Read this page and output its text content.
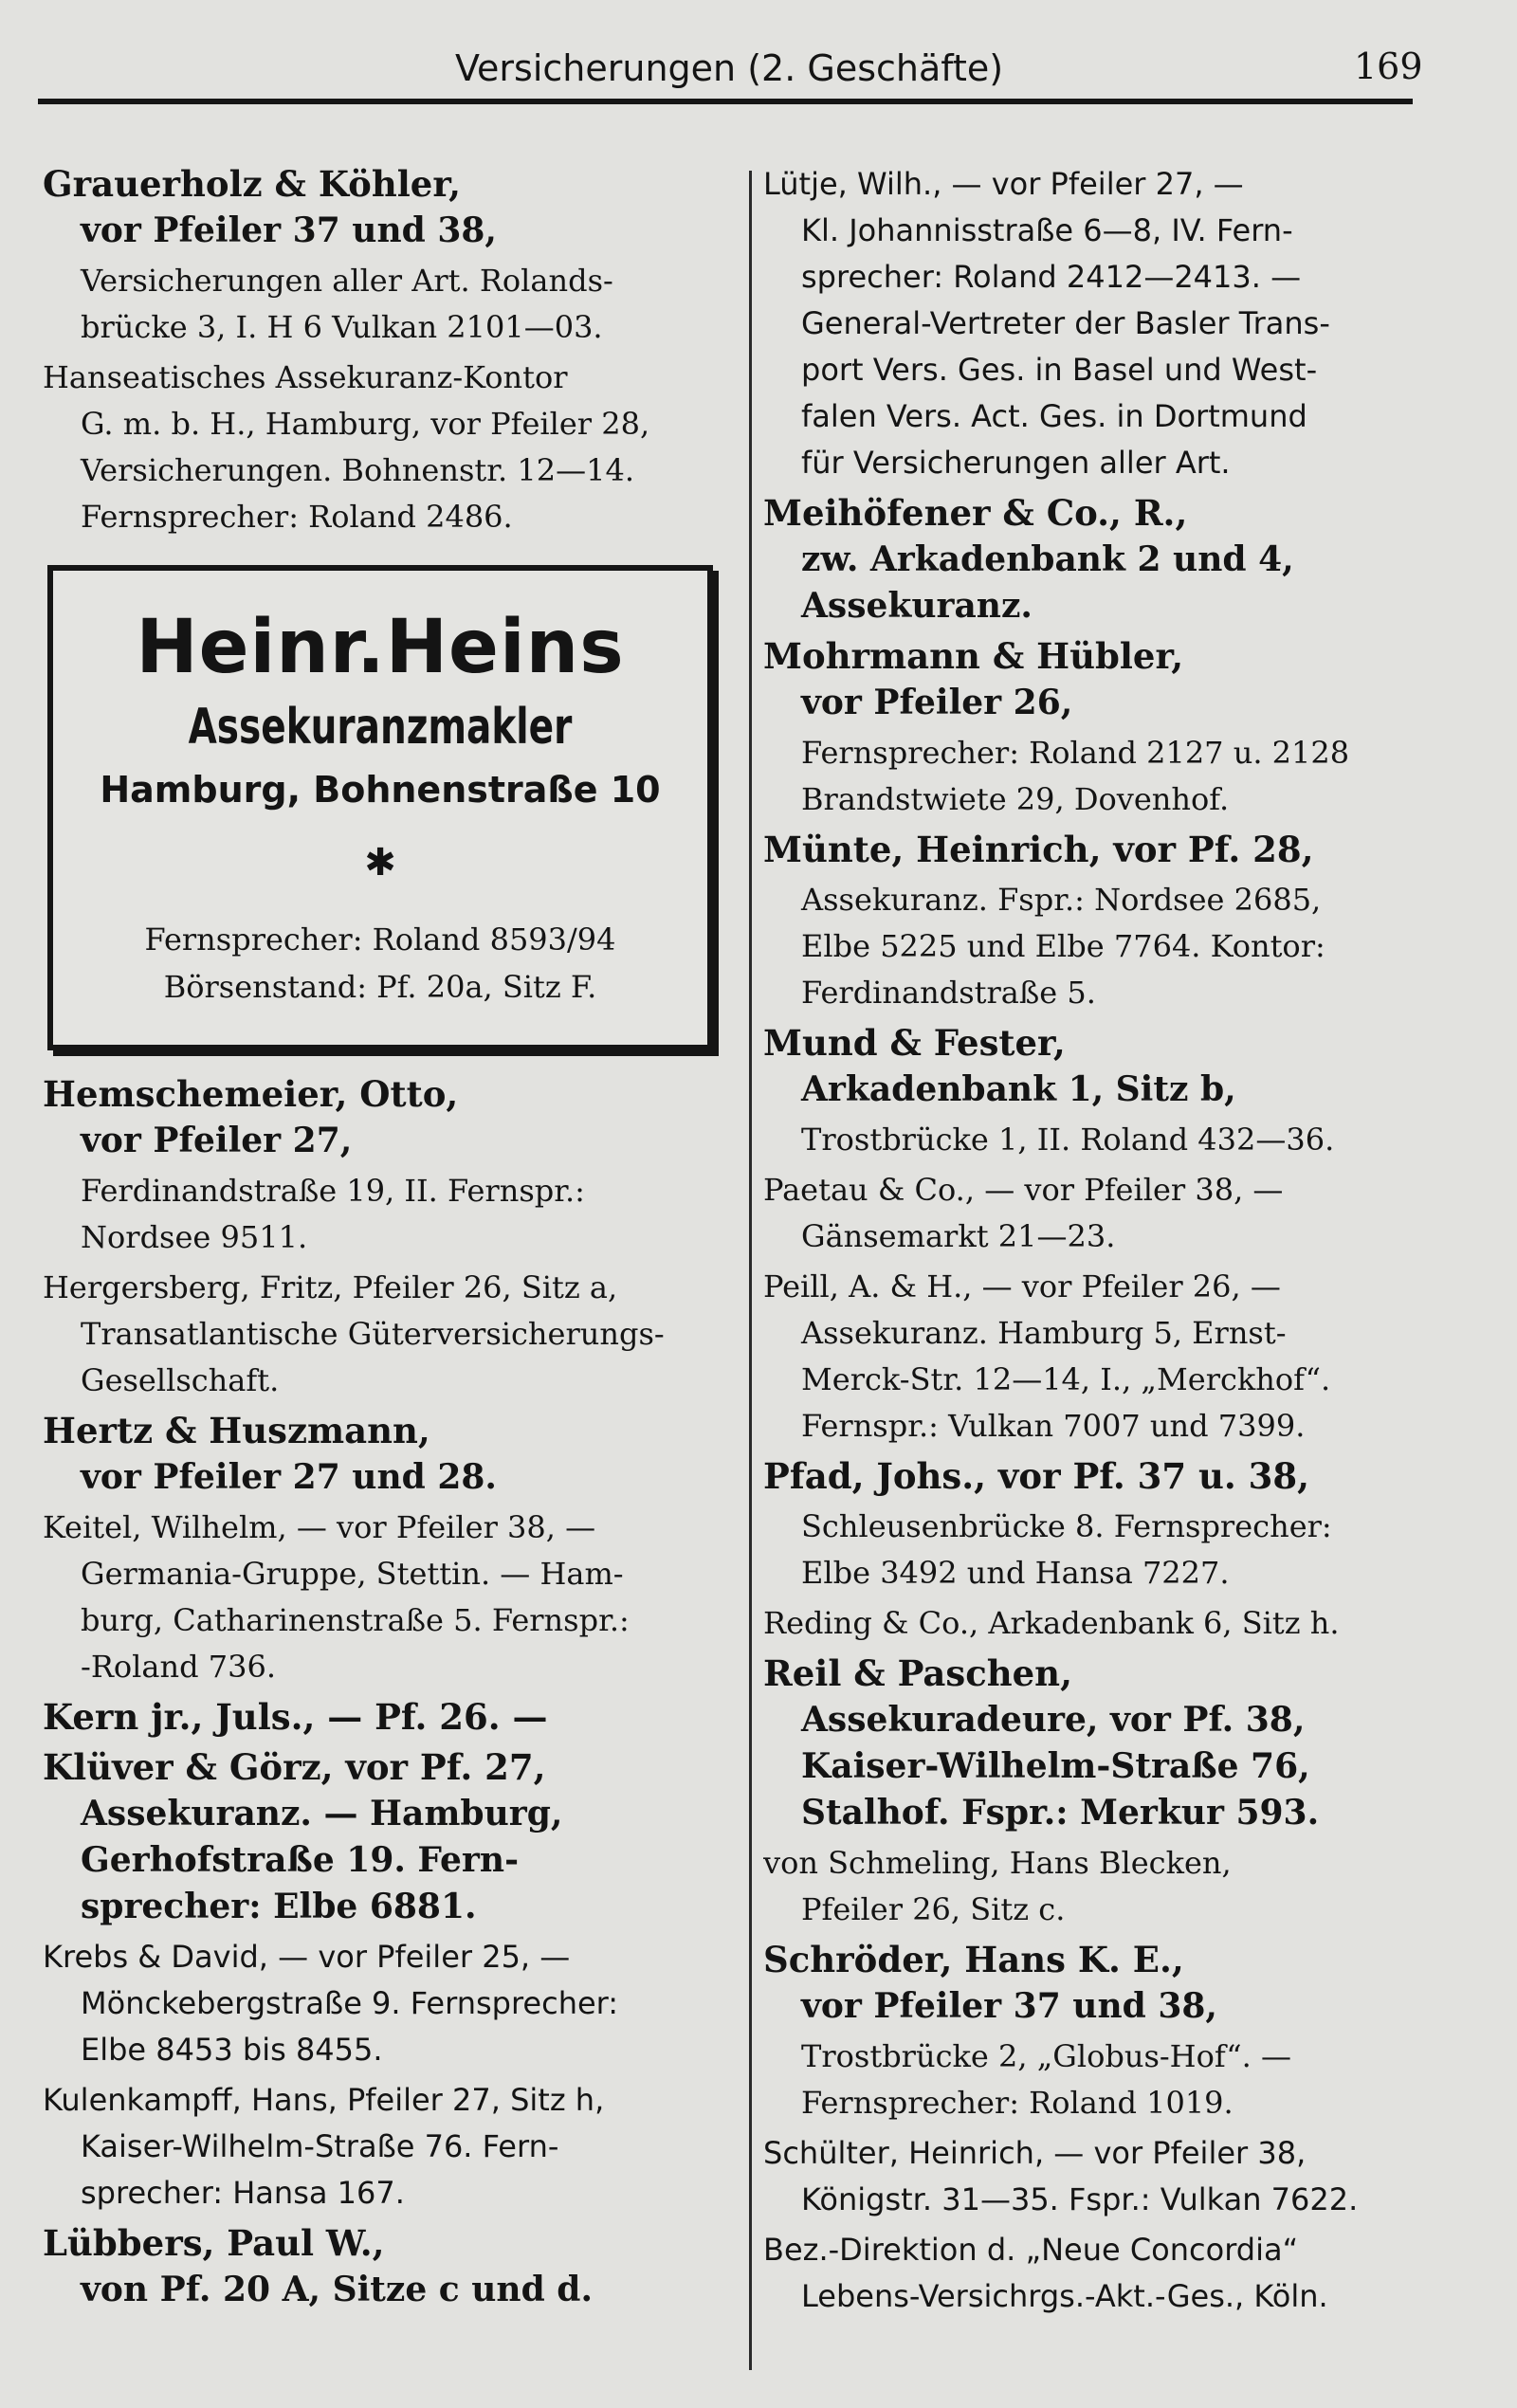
Versicherungen (2. Geschäfte)	169
Grauerholz & Köhler,
vor Pfeiler 37 und 38,
Versicherungen aller Art. Rolands-
brücke 3, I. H 6 Vulkan 2101—03.
Hanseatisches Assekuranz-Kontor
G. m. b. H., Hamburg, vor Pfeiler 28,
Versicherungen. Bohnenstr. 12—14.
Fernsprecher: Roland 2486.
Heinr.Heins
Assekuranzmakler
Hamburg, Bohnenstraße 10
✱
Fernsprecher: Roland 8593/94
Börsenstand: Pf. 20a, Sitz F.
Hemschemeier, Otto,
vor Pfeiler 27,
Ferdinandstraße 19, II. Fernspr.:
Nordsee 9511.
Hergersberg, Fritz, Pfeiler 26, Sitz a,
Transatlantische Güterversicherungs-
Gesellschaft.
Hertz & Huszmann,
vor Pfeiler 27 und 28.
Keitel, Wilhelm, — vor Pfeiler 38, —
Germania-Gruppe, Stettin. — Ham-
burg, Catharinenstraße 5. Fernspr.:
-Roland 736.
Kern jr., Juls., — Pf. 26. —
Klüver & Görz, vor Pf. 27,
Assekuranz. — Hamburg,
Gerhofstraße 19. Fern-
sprecher: Elbe 6881.
Krebs & David, — vor Pfeiler 25, —
Mönckebergstraße 9. Fernsprecher:
Elbe 8453 bis 8455.
Kulenkampff, Hans, Pfeiler 27, Sitz h,
Kaiser-Wilhelm-Straße 76. Fern-
sprecher: Hansa 167.
Lübbers, Paul W.,
von Pf. 20 A, Sitze c und d.
Lütje, Wilh., — vor Pfeiler 27, —
Kl. Johannisstraße 6—8, IV. Fern-
sprecher: Roland 2412—2413. —
General-Vertreter der Basler Trans-
port Vers. Ges. in Basel und West-
falen Vers. Act. Ges. in Dortmund
für Versicherungen aller Art.
Meihöfener & Co., R.,
zw. Arkadenbank 2 und 4,
Assekuranz.
Mohrmann & Hübler,
vor Pfeiler 26,
Fernsprecher: Roland 2127 u. 2128
Brandstwiete 29, Dovenhof.
Münte, Heinrich, vor Pf. 28,
Assekuranz. Fspr.: Nordsee 2685,
Elbe 5225 und Elbe 7764. Kontor:
Ferdinandstraße 5.
Mund & Fester,
Arkadenbank 1, Sitz b,
Trostbrücke 1, II. Roland 432—36.
Paetau & Co., — vor Pfeiler 38, —
Gänsemarkt 21—23.
Peill, A. & H., — vor Pfeiler 26, —
Assekuranz. Hamburg 5, Ernst-
Merck-Str. 12—14, I., „Merckhof“.
Fernspr.: Vulkan 7007 und 7399.
Pfad, Johs., vor Pf. 37 u. 38,
Schleusenbrücke 8. Fernsprecher:
Elbe 3492 und Hansa 7227.
Reding & Co., Arkadenbank 6, Sitz h.
Reil & Paschen,
Assekuradeure, vor Pf. 38,
Kaiser-Wilhelm-Straße 76,
Stalhof. Fspr.: Merkur 593.
von Schmeling, Hans Blecken,
Pfeiler 26, Sitz c.
Schröder, Hans K. E.,
vor Pfeiler 37 und 38,
Trostbrücke 2, „Globus-Hof“. —
Fernsprecher: Roland 1019.
Schülter, Heinrich, — vor Pfeiler 38,
Königstr. 31—35. Fspr.: Vulkan 7622.
Bez.-Direktion d. „Neue Concordia“
Lebens-Versichrgs.-Akt.-Ges., Köln.
